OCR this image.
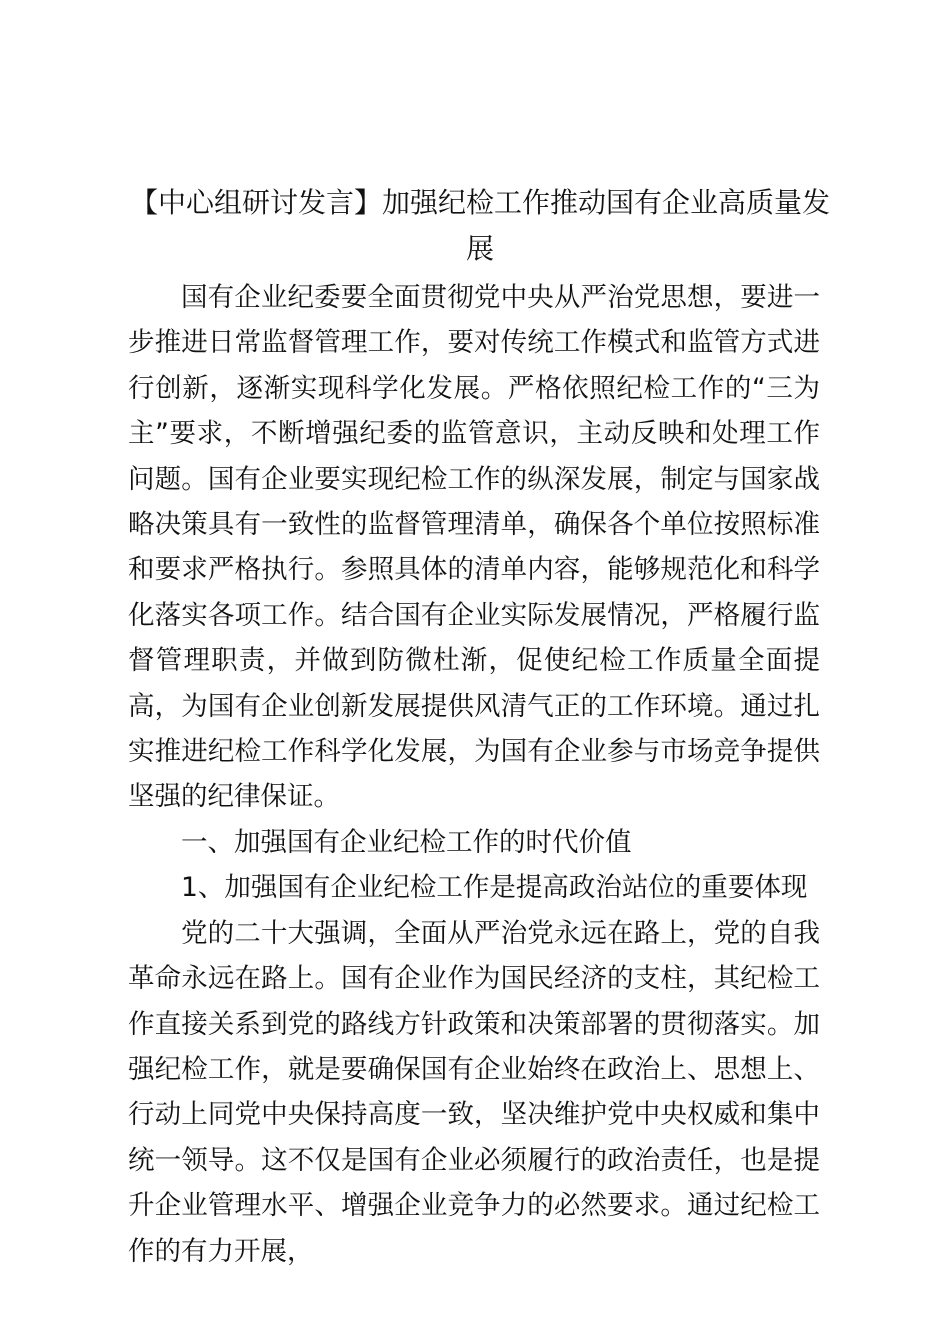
【中心组研讨发言】加强纪检工作推动国有企业高质量发展

国有企业纪委要全面贯彻党中央从严治党思想，要进一步推进日常监督管理工作，要对传统工作模式和监管方式进行创新，逐渐实现科学化发展。严格依照纪检工作的“三为主”要求，不断增强纪委的监管意识，主动反映和处理工作问题。国有企业要实现纪检工作的纵深发展，制定与国家战略决策具有一致性的监督管理清单，确保各个单位按照标准和要求严格执行。参照具体的清单内容，能够规范化和科学化落实各项工作。结合国有企业实际发展情况，严格履行监督管理职责，并做到防微杜渐，促使纪检工作质量全面提高，为国有企业创新发展提供风清气正的工作环境。通过扎实推进纪检工作科学化发展，为国有企业参与市场竞争提供坚强的纪律保证。

一、加强国有企业纪检工作的时代价值

1、加强国有企业纪检工作是提高政治站位的重要体现

党的二十大强调，全面从严治党永远在路上，党的自我革命永远在路上。国有企业作为国民经济的支柱，其纪检工作直接关系到党的路线方针政策和决策部署的贯彻落实。加强纪检工作，就是要确保国有企业始终在政治上、思想上、行动上同党中央保持高度一致，坚决维护党中央权威和集中统一领导。这不仅是国有企业必须履行的政治责任，也是提升企业管理水平、增强企业竞争力的必然要求。通过纪检工作的有力开展，
